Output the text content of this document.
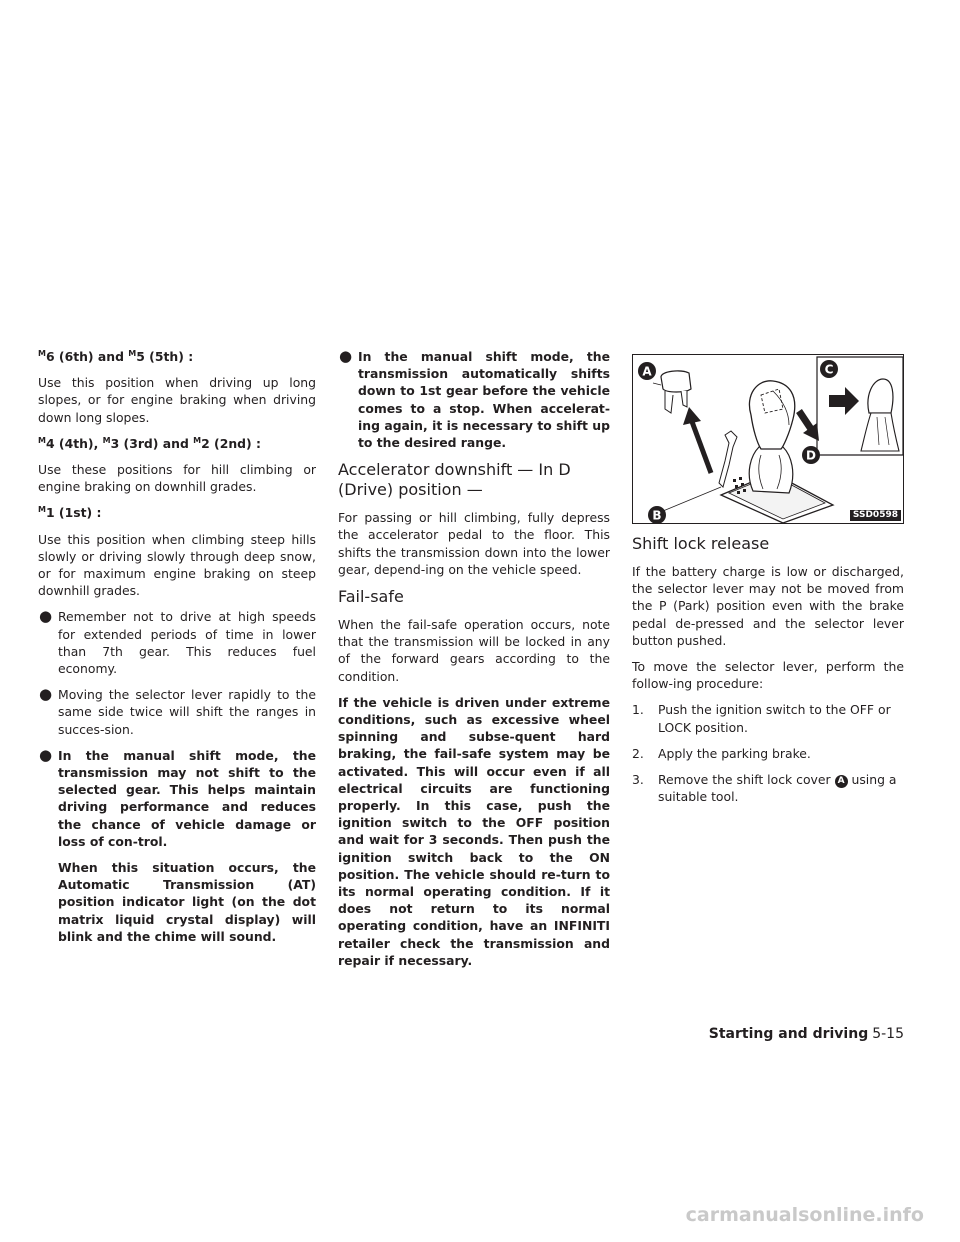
$^M$6 (6th) and $^M$5 (5th) :

Use this position when driving up long slopes, or for engine braking when driving down long slopes.

$^M$4 (4th), $^M$3 (3rd) and $^M$2 (2nd) :

Use these positions for hill climbing or engine braking on downhill grades.

$^M$1 (1st) :

Use this position when climbing steep hills slowly or driving slowly through deep snow, or for maximum engine braking on steep downhill grades.

● Remember not to drive at high speeds for extended periods of time in lower than 7th gear. This reduces fuel economy.
● Moving the selector lever rapidly to the same side twice will shift the ranges in succes-sion.
● In the manual shift mode, the transmission may not shift to the selected gear. This helps maintain driving performance and reduces the chance of vehicle damage or loss of con-trol.
When this situation occurs, the Automatic Transmission (AT) position indicator light (on the dot matrix liquid crystal display) will blink and the chime will sound.
● In the manual shift mode, the transmission automatically shifts down to 1st gear before the vehicle comes to a stop. When accelerat-ing again, it is necessary to shift up to the desired range.
Accelerator downshift — In D (Drive) position —

For passing or hill climbing, fully depress the accelerator pedal to the floor. This shifts the transmission down into the lower gear, depend-ing on the vehicle speed.

Fail-safe

When the fail-safe operation occurs, note that the transmission will be locked in any of the forward gears according to the condition.

If the vehicle is driven under extreme conditions, such as excessive wheel spinning and subse-quent hard braking, the fail-safe system may be activated. This will occur even if all electrical circuits are functioning properly. In this case, push the ignition switch to the OFF position and wait for 3 seconds. Then push the ignition switch back to the ON position. The vehicle should re-turn to its normal operating condition. If it does not return to its normal operating condition, have an INFINITI retailer check the transmission and repair if necessary.

A
B
C
D
SSD0598
Shift lock release

If the battery charge is low or discharged, the selector lever may not be moved from the P (Park) position even with the brake pedal de-pressed and the selector lever button pushed.

To move the selector lever, perform the follow-ing procedure:

1. Push the ignition switch to the OFF or LOCK position.
2. Apply the parking brake.
3. Remove the shift lock cover A using a suitable tool.
Starting and driving 5-15
carmanualsonline.info
